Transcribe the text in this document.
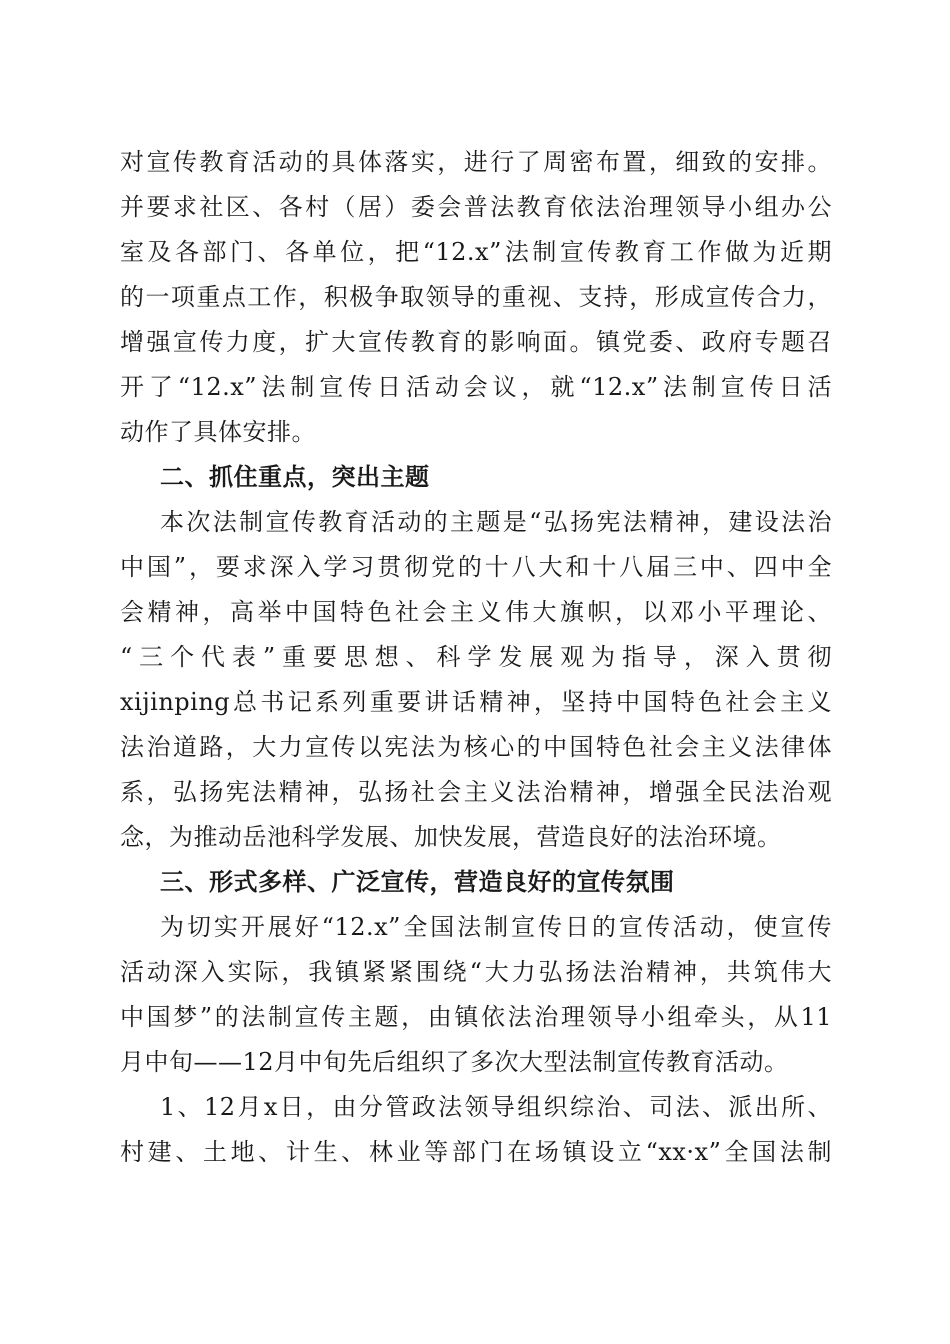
对宣传教育活动的具体落实，进行了周密布置，细致的安排。
并要求社区、各村（居）委会普法教育依法治理领导小组办公
室及各部门、各单位，把“12.x”法制宣传教育工作做为近期
的一项重点工作，积极争取领导的重视、支持，形成宣传合力，
增强宣传力度，扩大宣传教育的影响面。镇党委、政府专题召
开了“12.x”法制宣传日活动会议，就“12.x”法制宣传日活
动作了具体安排。
二、抓住重点，突出主题
本次法制宣传教育活动的主题是“弘扬宪法精神，建设法治
中国”，要求深入学习贯彻党的十八大和十八届三中、四中全
会精神，高举中国特色社会主义伟大旗帜，以邓小平理论、
“三个代表”重要思想、科学发展观为指导，深入贯彻
xijinping总书记系列重要讲话精神，坚持中国特色社会主义
法治道路，大力宣传以宪法为核心的中国特色社会主义法律体
系，弘扬宪法精神，弘扬社会主义法治精神，增强全民法治观
念，为推动岳池科学发展、加快发展，营造良好的法治环境。
三、形式多样、广泛宣传，营造良好的宣传氛围
为切实开展好“12.x”全国法制宣传日的宣传活动，使宣传
活动深入实际，我镇紧紧围绕“大力弘扬法治精神，共筑伟大
中国梦”的法制宣传主题，由镇依法治理领导小组牵头，从11
月中旬——12月中旬先后组织了多次大型法制宣传教育活动。
1、12月x日，由分管政法领导组织综治、司法、派出所、
村建、土地、计生、林业等部门在场镇设立“xx·x”全国法制
